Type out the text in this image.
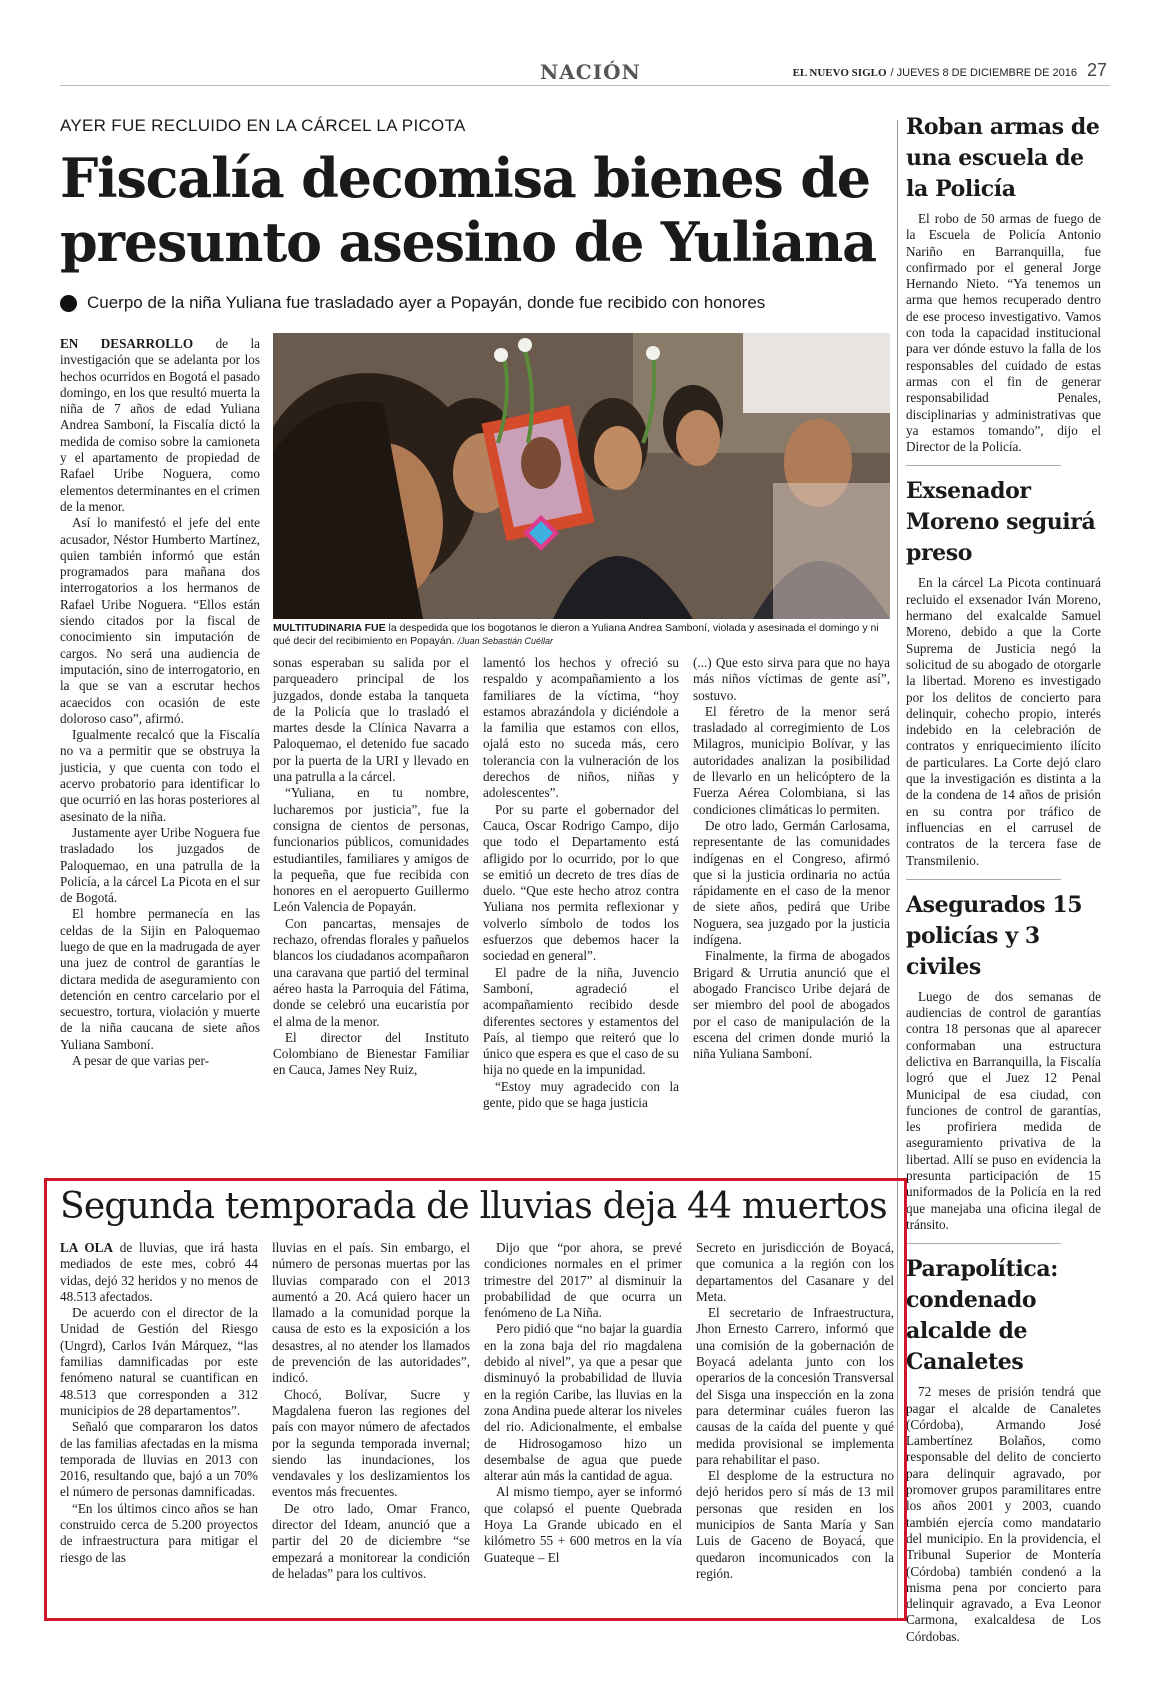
NACIÓN	EL NUEVO SIGLO / JUEVES 8 DE DICIEMBRE DE 2016 27
AYER FUE RECLUIDO EN LA CÁRCEL LA PICOTA
Fiscalía decomisa bienes de presunto asesino de Yuliana
Cuerpo de la niña Yuliana fue trasladado ayer a Popayán, donde fue recibido con honores

EN DESARROLLO de la investigación que se adelanta por los hechos ocurridos en Bogotá el pasado domingo, en los que resultó muerta la niña de 7 años de edad Yuliana Andrea Samboní, la Fiscalía dictó la medida de comiso sobre la camioneta y el apartamento de propiedad de Rafael Uribe Noguera, como elementos determinantes en el crimen de la menor.

Así lo manifestó el jefe del ente acusador, Néstor Humberto Martínez, quien también informó que están programados para mañana dos interrogatorios a los hermanos de Rafael Uribe Noguera. “Ellos están siendo citados por la fiscal de conocimiento sin imputación de cargos. No será una audiencia de imputación, sino de interrogatorio, en la que se van a escrutar hechos acaecidos con ocasión de este doloroso caso”, afirmó.

Igualmente recalcó que la Fiscalía no va a permitir que se obstruya la justicia, y que cuenta con todo el acervo probatorio para identificar lo que ocurrió en las horas posteriores al asesinato de la niña.

Justamente ayer Uribe Noguera fue trasladado los juzgados de Paloquemao, en una patrulla de la Policía, a la cárcel La Picota en el sur de Bogotá.

El hombre permanecía en las celdas de la Sijin en Paloquemao luego de que en la madrugada de ayer una juez de control de garantías le dictara medida de aseguramiento con detención en centro carcelario por el secuestro, tortura, violación y muerte de la niña caucana de siete años Yuliana Samboní.

A pesar de que varias per-

MULTITUDINARIA FUE la despedida que los bogotanos le dieron a Yuliana Andrea Samboní, violada y asesinada el domingo y ni qué decir del recibimiento en Popayán. /Juan Sebastián Cuéllar

sonas esperaban su salida por el parqueadero principal de los juzgados, donde estaba la tanqueta de la Policía que lo trasladó el martes desde la Clínica Navarra a Paloquemao, el detenido fue sacado por la puerta de la URI y llevado en una patrulla a la cárcel.

“Yuliana, en tu nombre, lucharemos por justicia”, fue la consigna de cientos de personas, funcionarios públicos, comunidades estudiantiles, familiares y amigos de la pequeña, que fue recibida con honores en el aeropuerto Guillermo León Valencia de Popayán.

Con pancartas, mensajes de rechazo, ofrendas florales y pañuelos blancos los ciudadanos acompañaron una caravana que partió del terminal aéreo hasta la Parroquia del Fátima, donde se celebró una eucaristía por el alma de la menor.

El director del Instituto Colombiano de Bienestar Familiar en Cauca, James Ney Ruiz,

lamentó los hechos y ofreció su respaldo y acompañamiento a los familiares de la víctima, “hoy estamos abrazándola y diciéndole a la familia que estamos con ellos, ojalá esto no suceda más, cero tolerancia con la vulneración de los derechos de niños, niñas y adolescentes”.

Por su parte el gobernador del Cauca, Oscar Rodrigo Campo, dijo que todo el Departamento está afligido por lo ocurrido, por lo que se emitió un decreto de tres días de duelo. “Que este hecho atroz contra Yuliana nos permita reflexionar y volverlo símbolo de todos los esfuerzos que debemos hacer la sociedad en general”.

El padre de la niña, Juvencio Samboní, agradeció el acompañamiento recibido desde diferentes sectores y estamentos del País, al tiempo que reiteró que lo único que espera es que el caso de su hija no quede en la impunidad.

“Estoy muy agradecido con la gente, pido que se haga justicia

(...) Que esto sirva para que no haya más niños víctimas de gente así”, sostuvo.

El féretro de la menor será trasladado al corregimiento de Los Milagros, municipio Bolívar, y las autoridades analizan la posibilidad de llevarlo en un helicóptero de la Fuerza Aérea Colombiana, si las condiciones climáticas lo permiten.

De otro lado, Germán Carlosama, representante de las comunidades indígenas en el Congreso, afirmó que si la justicia ordinaria no actúa rápidamente en el caso de la menor de siete años, pedirá que Uribe Noguera, sea juzgado por la justicia indígena.

Finalmente, la firma de abogados Brigard & Urrutia anunció que el abogado Francisco Uribe dejará de ser miembro del pool de abogados por el caso de manipulación de la escena del crimen donde murió la niña Yuliana Samboní.

Roban armas de una escuela de la Policía

El robo de 50 armas de fuego de la Escuela de Policía Antonio Nariño en Barranquilla, fue confirmado por el general Jorge Hernando Nieto. “Ya tenemos un arma que hemos recuperado dentro de ese proceso investigativo. Vamos con toda la capacidad institucional para ver dónde estuvo la falla de los responsables del cuidado de estas armas con el fin de generar responsabilidad Penales, disciplinarias y administrativas que ya estamos tomando”, dijo el Director de la Policía.

Exsenador Moreno seguirá preso

En la cárcel La Picota continuará recluido el exsenador Iván Moreno, hermano del exalcalde Samuel Moreno, debido a que la Corte Suprema de Justicia negó la solicitud de su abogado de otorgarle la libertad. Moreno es investigado por los delitos de concierto para delinquir, cohecho propio, interés indebido en la celebración de contratos y enriquecimiento ilícito de particulares. La Corte dejó claro que la investigación es distinta a la de la condena de 14 años de prisión en su contra por tráfico de influencias en el carrusel de contratos de la tercera fase de Transmilenio.

Asegurados 15 policías y 3 civiles

Luego de dos semanas de audiencias de control de garantías contra 18 personas que al aparecer conformaban una estructura delictiva en Barranquilla, la Fiscalía logró que el Juez 12 Penal Municipal de esa ciudad, con funciones de control de garantías, les profiriera medida de aseguramiento privativa de la libertad. Allí se puso en evidencia la presunta participación de 15 uniformados de la Policía en la red que manejaba una oficina ilegal de tránsito.

Parapolítica: condenado alcalde de Canaletes

72 meses de prisión tendrá que pagar el alcalde de Canaletes (Córdoba), Armando José Lambertínez Bolaños, como responsable del delito de concierto para delinquir agravado, por promover grupos paramilitares entre los años 2001 y 2003, cuando también ejercía como mandatario del municipio. En la providencia, el Tribunal Superior de Montería (Córdoba) también condenó a la misma pena por concierto para delinquir agravado, a Eva Leonor Carmona, exalcaldesa de Los Córdobas.

Segunda temporada de lluvias deja 44 muertos

LA OLA de lluvias, que irá hasta mediados de este mes, cobró 44 vidas, dejó 32 heridos y no menos de 48.513 afectados.

De acuerdo con el director de la Unidad de Gestión del Riesgo (Ungrd), Carlos Iván Márquez, “las familias damnificadas por este fenómeno natural se cuantifican en 48.513 que corresponden a 312 municipios de 28 departamentos”.

Señaló que compararon los datos de las familias afectadas en la misma temporada de lluvias en 2013 con 2016, resultando que, bajó a un 70% el número de personas damnificadas.

“En los últimos cinco años se han construido cerca de 5.200 proyectos de infraestructura para mitigar el riesgo de las

lluvias en el país. Sin embargo, el número de personas muertas por las lluvias comparado con el 2013 aumentó a 20. Acá quiero hacer un llamado a la comunidad porque la causa de esto es la exposición a los desastres, al no atender los llamados de prevención de las autoridades”, indicó.

Chocó, Bolívar, Sucre y Magdalena fueron las regiones del país con mayor número de afectados por la segunda temporada invernal; siendo las inundaciones, los vendavales y los deslizamientos los eventos más frecuentes.

De otro lado, Omar Franco, director del Ideam, anunció que a partir del 20 de diciembre “se empezará a monitorear la condición de heladas” para los cultivos.

Dijo que “por ahora, se prevé condiciones normales en el primer trimestre del 2017” al disminuir la probabilidad de que ocurra un fenómeno de La Niña.

Pero pidió que “no bajar la guardia en la zona baja del rio magdalena debido al nivel”, ya que a pesar que disminuyó la probabilidad de lluvia en la región Caribe, las lluvias en la zona Andina puede alterar los niveles del rio. Adicionalmente, el embalse de Hidrosogamoso hizo un desembalse de agua que puede alterar aún más la cantidad de agua.

Al mismo tiempo, ayer se informó que colapsó el puente Quebrada Hoya La Grande ubicado en el kilómetro 55 + 600 metros en la vía Guateque – El

Secreto en jurisdicción de Boyacá, que comunica a la región con los departamentos del Casanare y del Meta.

El secretario de Infraestructura, Jhon Ernesto Carrero, informó que una comisión de la gobernación de Boyacá adelanta junto con los operarios de la concesión Transversal del Sisga una inspección en la zona para determinar cuáles fueron las causas de la caída del puente y qué medida provisional se implementa para rehabilitar el paso.

El desplome de la estructura no dejó heridos pero sí más de 13 mil personas que residen en los municipios de Santa María y San Luis de Gaceno de Boyacá, que quedaron incomunicados con la región.
